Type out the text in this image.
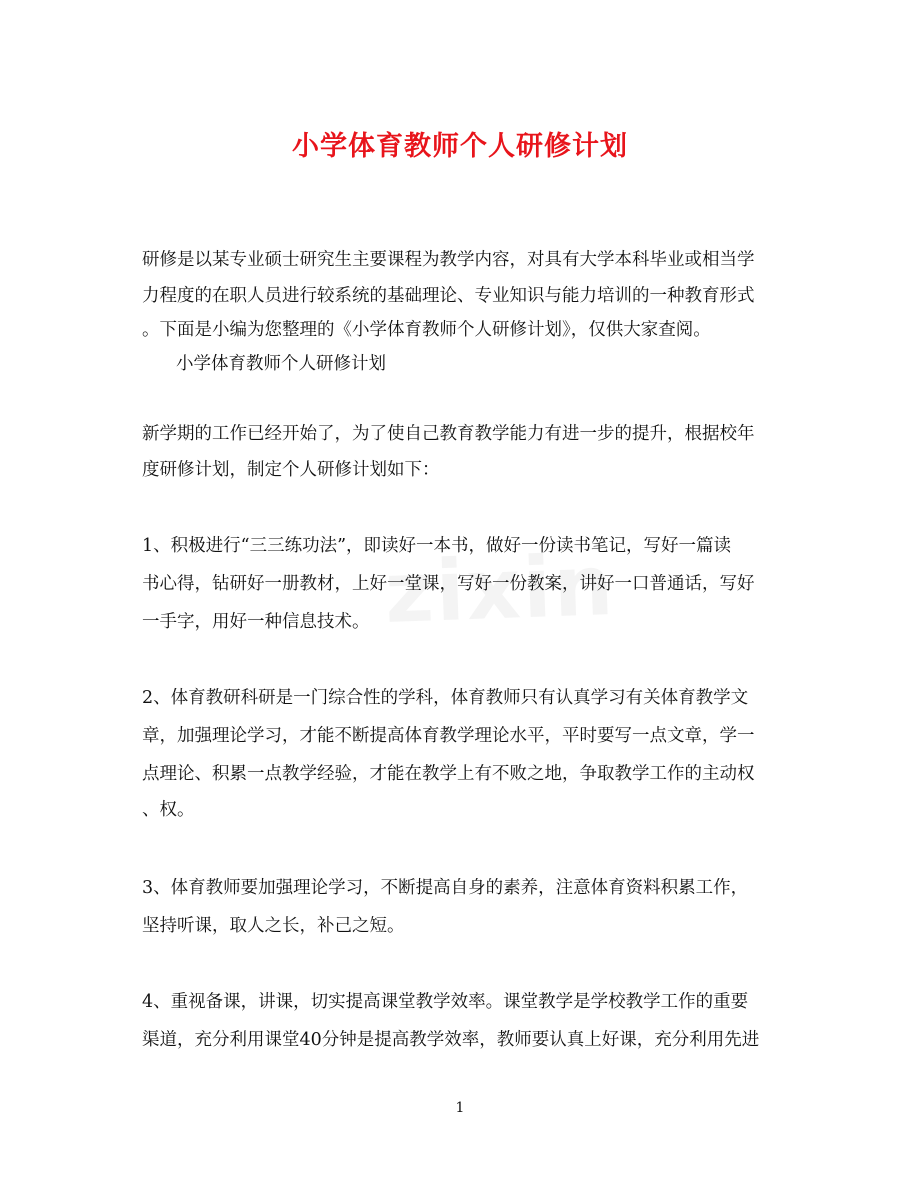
小学体育教师个人研修计划
研修是以某专业硕士研究生主要课程为教学内容，对具有大学本科毕业或相当学
力程度的在职人员进行较系统的基础理论、专业知识与能力培训的一种教育形式
。下面是小编为您整理的《小学体育教师个人研修计划》，仅供大家查阅。
小学体育教师个人研修计划
新学期的工作已经开始了，为了使自己教育教学能力有进一步的提升，根据校年
度研修计划，制定个人研修计划如下：
1、积极进行“三三练功法”，即读好一本书，做好一份读书笔记，写好一篇读
书心得，钻研好一册教材，上好一堂课，写好一份教案，讲好一口普通话，写好
一手字，用好一种信息技术。
2、体育教研科研是一门综合性的学科，体育教师只有认真学习有关体育教学文
章，加强理论学习，才能不断提高体育教学理论水平，平时要写一点文章，学一
点理论、积累一点教学经验，才能在教学上有不败之地，争取教学工作的主动权
、权。
3、体育教师要加强理论学习，不断提高自身的素养，注意体育资料积累工作，
坚持听课，取人之长，补己之短。
4、重视备课，讲课，切实提高课堂教学效率。课堂教学是学校教学工作的重要
渠道，充分利用课堂40分钟是提高教学效率，教师要认真上好课，充分利用先进
1
